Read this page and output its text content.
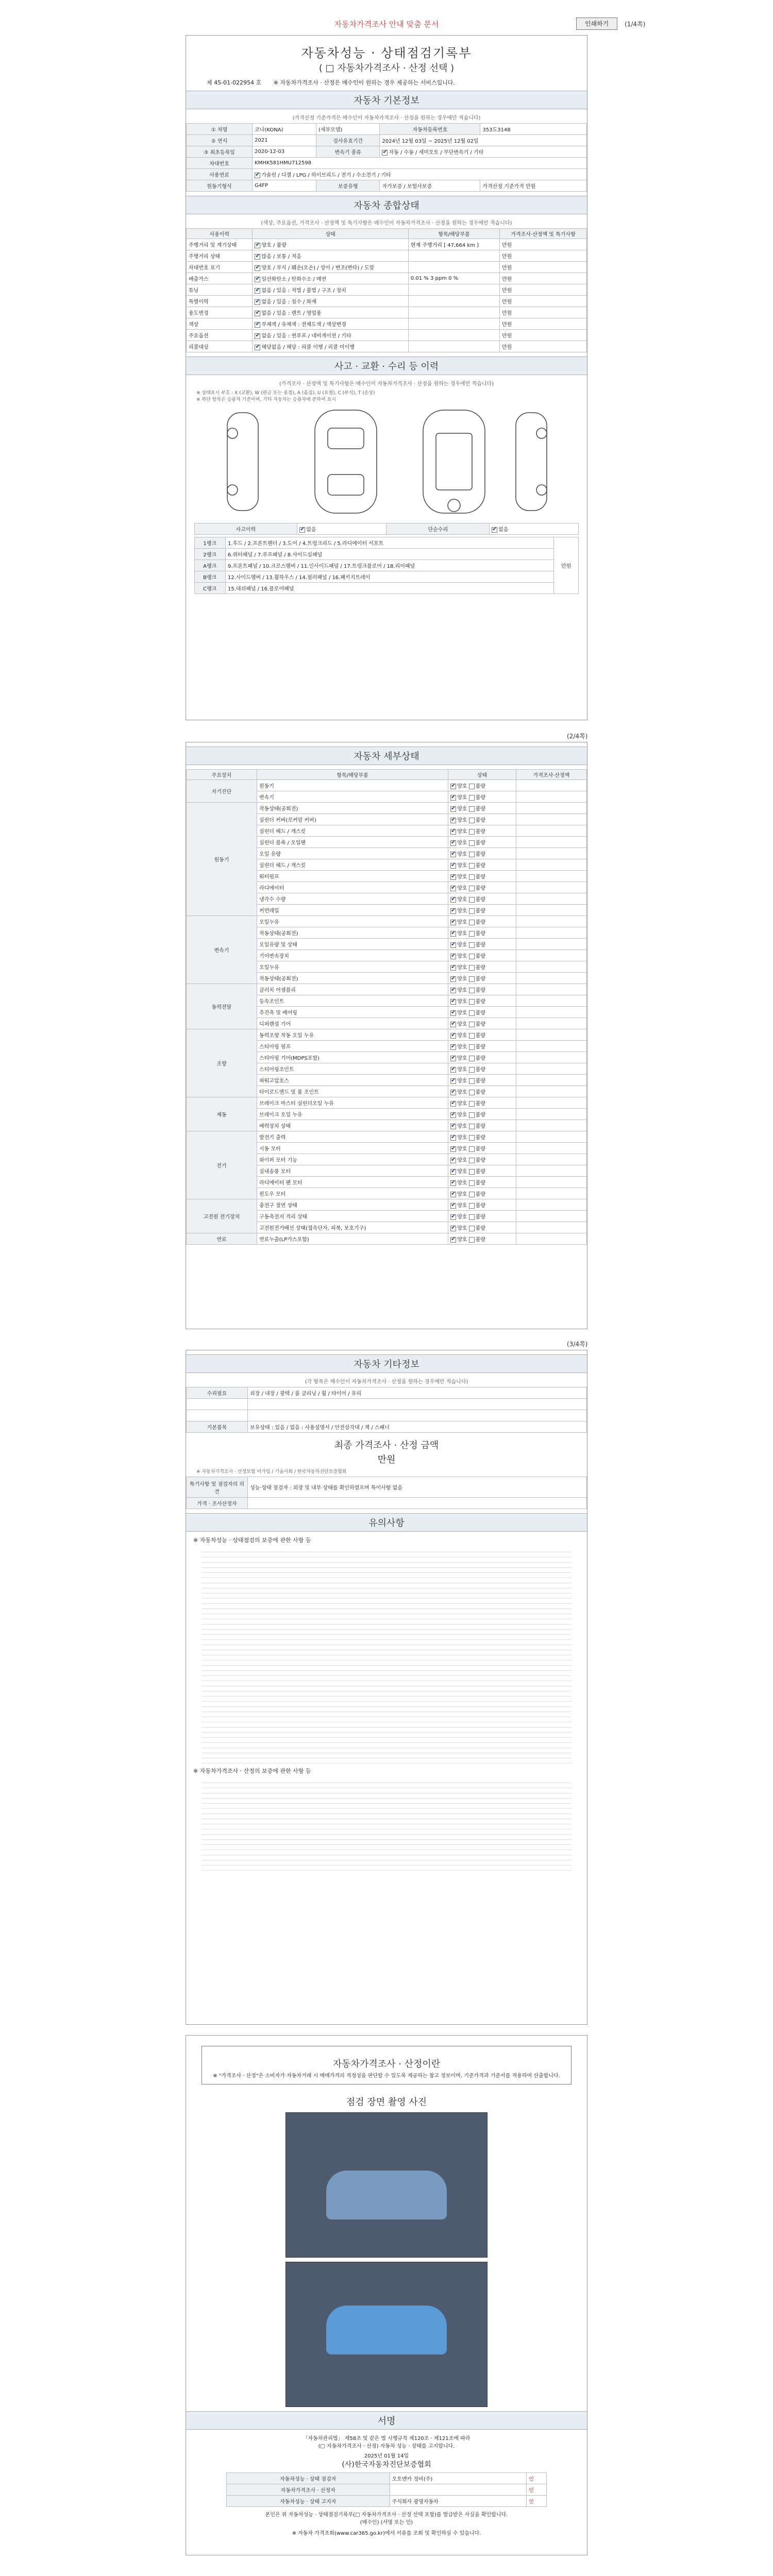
자동차가격조사 안내 맞춤 문서	인쇄하기	(1/4쪽)
자동차성능 · 상태점검기록부
( □ 자동차가격조사 · 산정 선택 )
제 45-01-022954 호 ※ 자동차가격조사 · 산정은 매수인이 원하는 경우 제공하는 서비스입니다.
자동차 기본정보
(가격산정 기준가격은 매수인이 자동차가격조사 · 산정을 원하는 경우에만 적습니다)
① 차명	코나(KONA)	(세부모델)	자동차등록번호	353도3148
② 연식	2021	검사유효기간	2024년 12월 03일 ~ 2025년 12월 02일	
③ 최초등록일	2020-12-03	변속기 종류	✔자동 / 수동 / 세미오토 / 무단변속기 / 기타
차대번호	KMHK581HMU712598			
사용연료	✔가솔린 / 디젤 / LPG / 하이브리드 / 전기 / 수소전기 / 기타
원동기형식	G4FP	보증유형	자가보증 / 보험사보증	가격산정 기준가격 만원
자동차 종합상태
(색상, 주요옵션, 가격조사 · 산정액 및 특기사항은 매수인이 자동차가격조사 · 산정을 원하는 경우에만 적습니다)
사용이력	상태	항목/해당부품	가격조사·산정액 및 특기사항
주행거리 및 계기상태	✔양호 / 불량	현재 주행거리 [ 47,664 km ]	만원
주행거리 상태	✔많음 / 보통 / 적음		만원
차대번호 표기	✔양호 / 부식 / 훼손(오손) / 상이 / 변조(변타) / 도말		만원
배출가스	✔일산화탄소 / 탄화수소 / 매연	0.01 % 3 ppm 0 %	만원
튜닝	✔없음 / 있음 : 적법 / 불법 / 구조 / 장치		만원
특별이력	✔없음 / 있음 : 침수 / 화재		만원
용도변경	✔없음 / 있음 : 렌트 / 영업용		만원
색상	✔무채색 / 유채색 : 전체도색 / 색상변경		만원
주요옵션	✔없음 / 있음 : 썬루프 / 네비게이션 / 기타		만원
리콜대상	✔해당없음 / 해당 : 리콜 이행 / 리콜 미이행		만원
사고 · 교환 · 수리 등 이력
(가격조사 · 산정액 및 특기사항은 매수인이 자동차가격조사 · 산정을 원하는 경우에만 적습니다)
※ 상태표시 부호 : X (교환), W (판금 또는 용접), A (흠집), U (요철), C (부식), T (손상)
※ 하단 항목은 승용차 기준이며, 기타 자동차는 승용차에 준하여 표시
사고이력	✔없음	단순수리	✔없음
1랭크	1.후드 / 2.프론트펜더 / 3.도어 / 4.트렁크리드 / 5.라디에이터 서포트	만원
2랭크	6.쿼터패널 / 7.루프패널 / 8.사이드실패널	
A랭크	9.프론트패널 / 10.크로스멤버 / 11.인사이드패널 / 17.트렁크플로어 / 18.리어패널	
B랭크	12.사이드멤버 / 13.휠하우스 / 14.필러패널 / 16.패키지트레이	
C랭크	15.대쉬패널 / 16.플로어패널	
(2/4쪽)
자동차 세부상태
주요장치	항목/해당부품	상태	가격조사·산정액
자기진단	원동기	✔양호 불량	
	변속기	✔양호 불량	
원동기	작동상태(공회전)	✔양호 불량	
	실린더 커버(로커암 커버)	✔양호 불량	
	실린더 헤드 / 개스킷	✔양호 불량	
	실린더 블록 / 오일팬	✔양호 불량	
	오일 유량	✔양호 불량	
	실린더 헤드 / 개스킷	✔양호 불량	
	워터펌프	✔양호 불량	
	라디에이터	✔양호 불량	
	냉각수 수량	✔양호 불량	
	커먼레일	✔양호 불량	
변속기	오일누유	✔양호 불량	
	작동상태(공회전)	✔양호 불량	
	오일유량 및 상태	✔양호 불량	
	기어변속장치	✔양호 불량	
	오일누유	✔양호 불량	
	작동상태(공회전)	✔양호 불량	
동력전달	클러치 어셈블리	✔양호 불량	
	등속조인트	✔양호 불량	
	추진축 및 베어링	✔양호 불량	
	디퍼렌셜 기어	✔양호 불량	
조향	동력조향 작동 오일 누유	✔양호 불량	
	스티어링 펌프	✔양호 불량	
	스티어링 기어(MDPS포함)	✔양호 불량	
	스티어링조인트	✔양호 불량	
	파워고압호스	✔양호 불량	
	타이로드엔드 및 볼 조인트	✔양호 불량	
제동	브레이크 마스터 실린더오일 누유	✔양호 불량	
	브레이크 오일 누유	✔양호 불량	
	배력장치 상태	✔양호 불량	
전기	발전기 출력	✔양호 불량	
	시동 모터	✔양호 불량	
	와이퍼 모터 기능	✔양호 불량	
	실내송풍 모터	✔양호 불량	
	라디에이터 팬 모터	✔양호 불량	
	윈도우 모터	✔양호 불량	
고전원 전기장치	충전구 절연 상태	✔양호 불량	
	구동축전지 격리 상태	✔양호 불량	
	고전원전기배선 상태(접속단자, 피복, 보호기구)	✔양호 불량	
연료	연료누출(LP가스포함)	✔양호 불량	
(3/4쪽)
자동차 기타정보
(각 항목은 매수인이 자동차가격조사 · 산정을 원하는 경우에만 적습니다)
수리필요	외장 / 내장 / 광택 / 룸 클리닝 / 휠 / 타이어 / 유리

기본품목	보유상태 : 있음 / 없음 : 사용설명서 / 안전삼각대 / 잭 / 스패너
최종 가격조사 · 산정 금액
만원
※ 자동차가격조사 · 산정보험 미가입 / 기술사회 / 한국자동차진단보증협회
특기사항 및 점검자의 의견	성능·상태 점검자 : 외장 및 내부 상태를 확인하였으며 특이사항 없음
가격 · 조사산정자	
유의사항
※ 자동차성능 · 상태점검의 보증에 관한 사항 등
※ 자동차가격조사 · 산정의 보증에 관한 사항 등
자동차가격조사 · 산정이란
※ "가격조사 · 산정"은 소비자가 자동차거래 시 매매가격의 적정성을 판단할 수 있도록 제공하는 참고 정보이며, 기준가격과 기준서를 적용하여 산출합니다.
점검 장면 촬영 사진
서명
「자동차관리법」 제58조 및 같은 법 시행규칙 제120조 · 제121조에 따라
(□ 자동차가격조사 · 산정) 자동차 성능 · 상태를 고지합니다.
2025년 01월 14일
(사)한국자동차진단보증협회
자동차성능 · 상태 점검자	오토맨카 정비(주)	인
자동차가격조사 · 산정자		인
자동차성능 · 상태 고지자	주식회사 광명자동차	인
본인은 위 자동차성능 · 상태점검기록부(□ 자동차가격조사 · 산정 선택 포함)를 발급받은 사실을 확인합니다.
(매수인) (서명 또는 인)
※ 자동차 가격조회(www.car365.go.kr)에서 서류를 조회 및 확인하실 수 있습니다.
